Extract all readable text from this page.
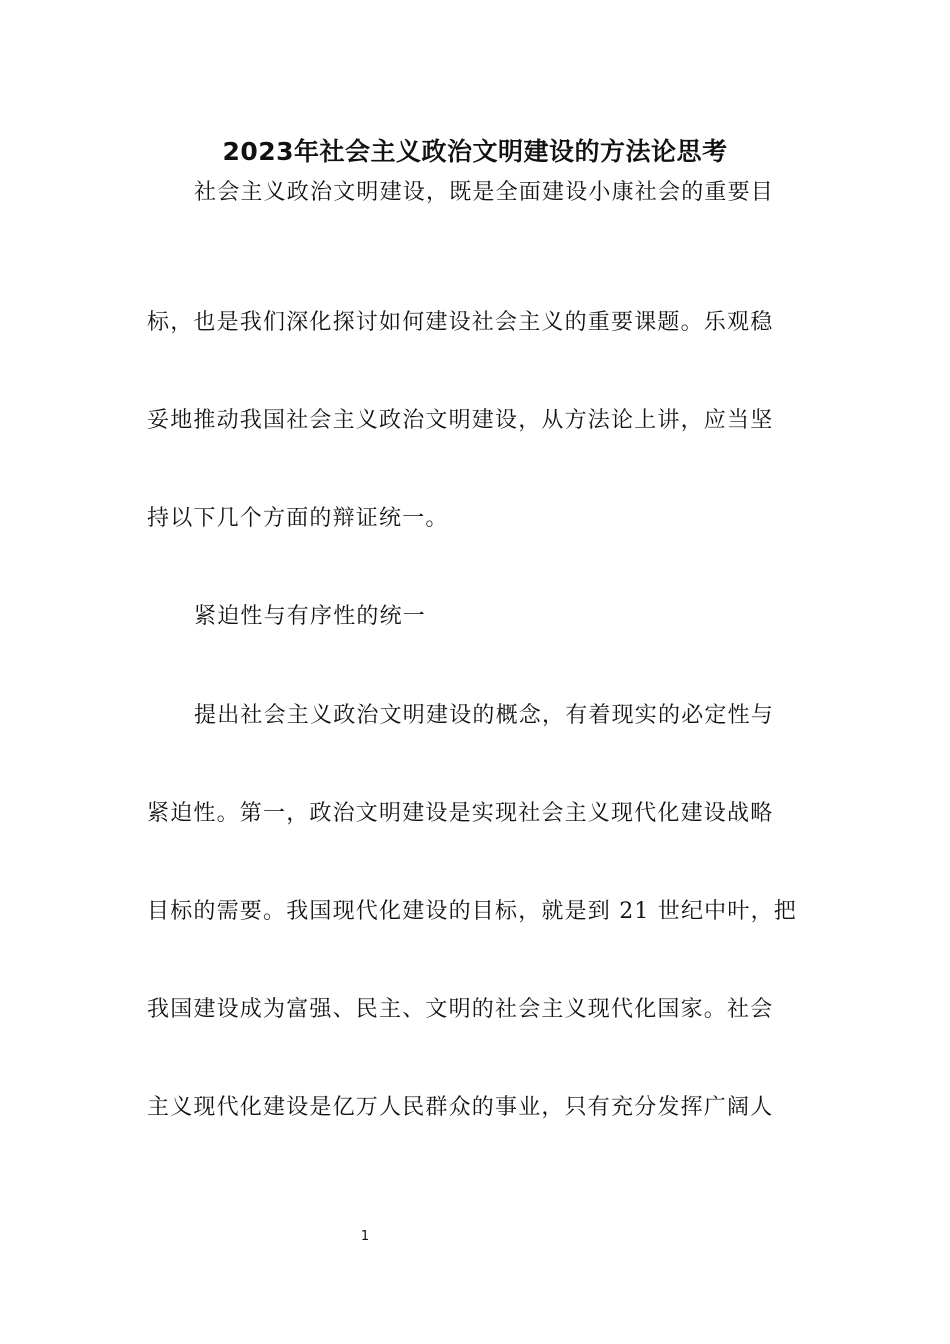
2023年社会主义政治文明建设的方法论思考
社会主义政治文明建设，既是全面建设小康社会的重要目
标，也是我们深化探讨如何建设社会主义的重要课题。乐观稳
妥地推动我国社会主义政治文明建设，从方法论上讲，应当坚
持以下几个方面的辩证统一。
紧迫性与有序性的统一
提出社会主义政治文明建设的概念，有着现实的必定性与
紧迫性。第一，政治文明建设是实现社会主义现代化建设战略
目标的需要。我国现代化建设的目标，就是到 21 世纪中叶，把
我国建设成为富强、民主、文明的社会主义现代化国家。社会
主义现代化建设是亿万人民群众的事业，只有充分发挥广阔人
1
